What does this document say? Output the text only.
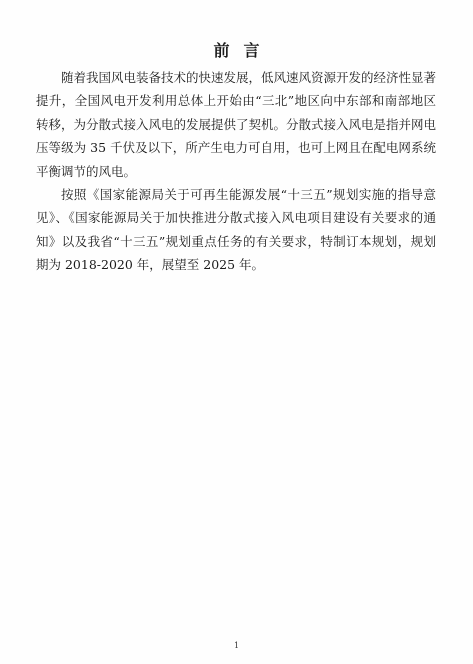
前言

随着我国风电装备技术的快速发展，低风速风资源开发的经济性显著提升，全国风电开发利用总体上开始由“三北”地区向中东部和南部地区转移，为分散式接入风电的发展提供了契机。分散式接入风电是指并网电压等级为 35 千伏及以下，所产生电力可自用，也可上网且在配电网系统平衡调节的风电。

按照《国家能源局关于可再生能源发展“十三五”规划实施的指导意见》、《国家能源局关于加快推进分散式接入风电项目建设有关要求的通知》以及我省“十三五”规划重点任务的有关要求，特制订本规划，规划期为 2018-2020 年，展望至 2025 年。

1
